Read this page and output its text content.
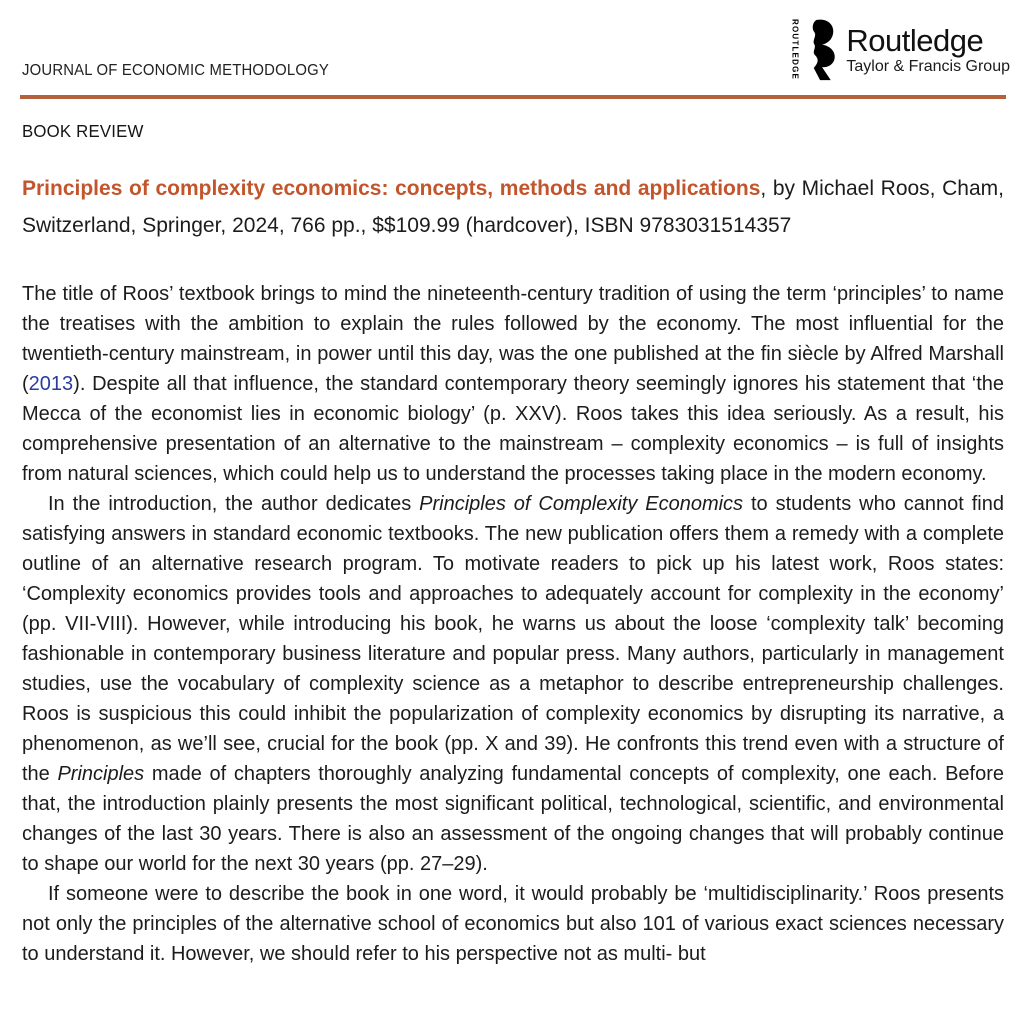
JOURNAL OF ECONOMIC METHODOLOGY	ROUTLEDGE Routledge
Taylor & Francis Group
BOOK REVIEW
Principles of complexity economics: concepts, methods and applications, by Michael Roos, Cham, Switzerland, Springer, 2024, 766 pp., $$109.99 (hardcover), ISBN 9783031514357

The title of Roos’ textbook brings to mind the nineteenth-century tradition of using the term ‘principles’ to name the treatises with the ambition to explain the rules followed by the economy. The most influential for the twentieth-century mainstream, in power until this day, was the one published at the fin siècle by Alfred Marshall (2013). Despite all that influence, the standard contemporary theory seemingly ignores his statement that ‘the Mecca of the economist lies in economic biology’ (p. XXV). Roos takes this idea seriously. As a result, his comprehensive presentation of an alternative to the mainstream – complexity economics – is full of insights from natural sciences, which could help us to understand the processes taking place in the modern economy.

In the introduction, the author dedicates Principles of Complexity Economics to students who cannot find satisfying answers in standard economic textbooks. The new publication offers them a remedy with a complete outline of an alternative research program. To motivate readers to pick up his latest work, Roos states: ‘Complexity economics provides tools and approaches to adequately account for complexity in the economy’ (pp. VII-VIII). However, while introducing his book, he warns us about the loose ‘complexity talk’ becoming fashionable in contemporary business literature and popular press. Many authors, particularly in management studies, use the vocabulary of complexity science as a metaphor to describe entrepreneurship challenges. Roos is suspicious this could inhibit the popularization of complexity economics by disrupting its narrative, a phenomenon, as we’ll see, crucial for the book (pp. X and 39). He confronts this trend even with a structure of the Principles made of chapters thoroughly analyzing fundamental concepts of complexity, one each. Before that, the introduction plainly presents the most significant political, technological, scientific, and environmental changes of the last 30 years. There is also an assessment of the ongoing changes that will probably continue to shape our world for the next 30 years (pp. 27–29).

If someone were to describe the book in one word, it would probably be ‘multidisciplinarity.’ Roos presents not only the principles of the alternative school of economics but also 101 of various exact sciences necessary to understand it. However, we should refer to his perspective not as multi- but
